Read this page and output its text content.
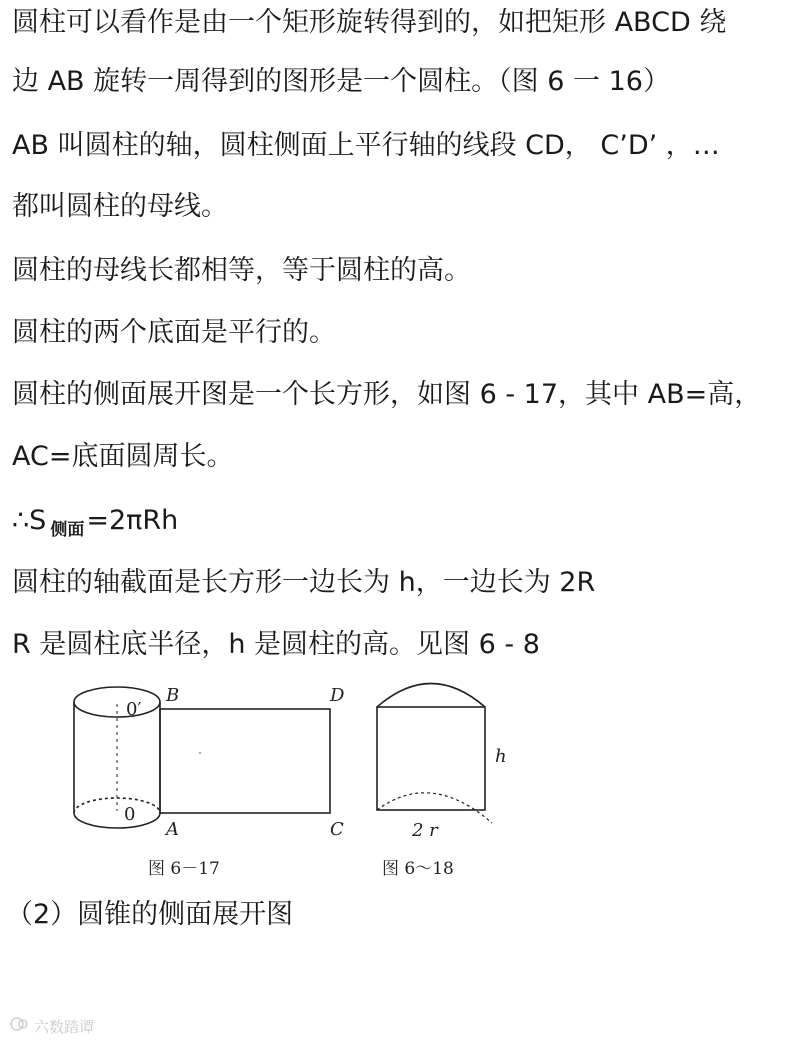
圆柱可以看作是由一个矩形旋转得到的，如把矩形 ABCD 绕
边 AB 旋转一周得到的图形是一个圆柱。（图 6 一 16）
AB 叫圆柱的轴，圆柱侧面上平行轴的线段 CD， C’D’ ，…
都叫圆柱的母线。
圆柱的母线长都相等，等于圆柱的高。
圆柱的两个底面是平行的。
圆柱的侧面展开图是一个长方形，如图 6 - 17，其中 AB=高，
AC=底面圆周长。
∴S $_{侧面}$=2πRh
圆柱的轴截面是长方形一边长为 h，一边长为 2R
R 是圆柱底半径，h 是圆柱的高。见图 6 - 8
0′
0
B	D
A	C
图 6－17
h
2 r
图 6～18
（2）圆锥的侧面展开图
六数踏谭
